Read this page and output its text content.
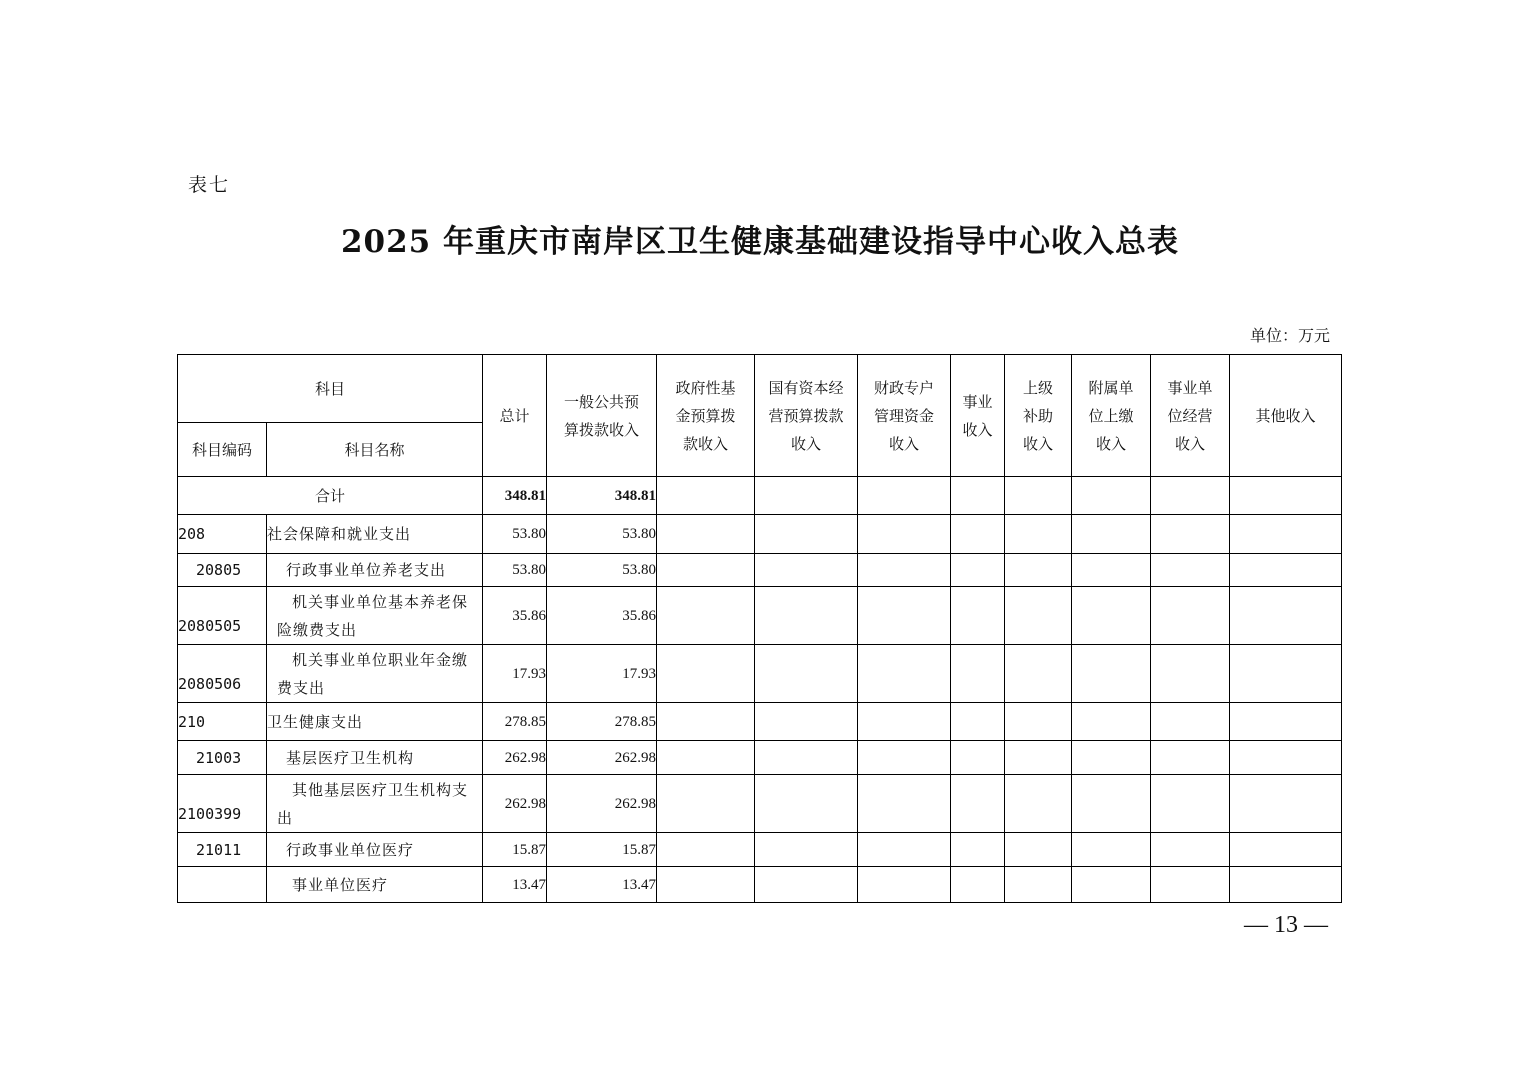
表七
2025 年重庆市南岸区卫生健康基础建设指导中心收入总表
单位：万元
科目		总计	一般公共预算拨款收入	政府性基金预算拨款收入	国有资本经营预算拨款收入	财政专户管理资金收入	事业收入	上级补助收入	附属单位上缴收入	事业单位经营收入	其他收入
科目编码	科目名称										
合计		348.81	348.81								
208	社会保障和就业支出	53.80	53.80								
20805	行政事业单位养老支出	53.80	53.80								
2080505	机关事业单位基本养老保险缴费支出	35.86	35.86								
2080506	机关事业单位职业年金缴费支出	17.93	17.93								
210	卫生健康支出	278.85	278.85								
21003	基层医疗卫生机构	262.98	262.98								
2100399	其他基层医疗卫生机构支出	262.98	262.98								
21011	行政事业单位医疗	15.87	15.87								
	事业单位医疗	13.47	13.47								
— 13 —
